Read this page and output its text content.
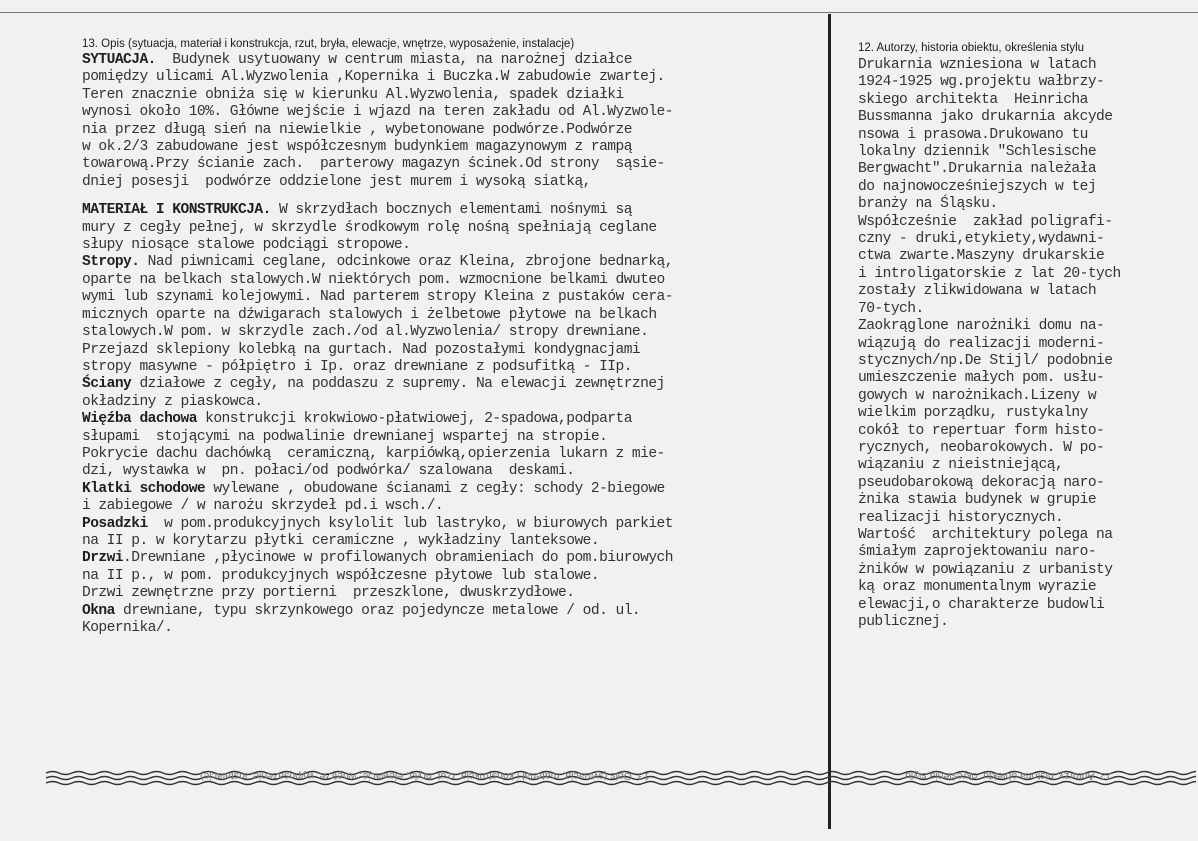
13. Opis (sytuacja, materiał i konstrukcja, rzut, bryła, elewacje, wnętrze, wyposażenie, instalacje)	12. Autorzy, historia obiektu, określenia stylu
SYTUACJA.  Budynek usytuowany w centrum miasta, na narożnej działce
pomiędzy ulicami Al.Wyzwolenia ,Kopernika i Buczka.W zabudowie zwartej.
Teren znacznie obniża się w kierunku Al.Wyzwolenia, spadek działki
wynosi około 10%. Główne wejście i wjazd na teren zakładu od Al.Wyzwole-
nia przez długą sień na niewielkie , wybetonowane podwórze.Podwórze
w ok.2/3 zabudowane jest współczesnym budynkiem magazynowym z rampą
towarową.Przy ścianie zach.  parterowy magazyn ścinek.Od strony  sąsie-
dniej posesji  podwórze oddzielone jest murem i wysoką siatką,
MATERIAŁ I KONSTRUKCJA. W skrzydłach bocznych elementami nośnymi są
mury z cegły pełnej, w skrzydle środkowym rolę nośną spełniają ceglane
słupy niosące stalowe podciągi stropowe.
Stropy. Nad piwnicami ceglane, odcinkowe oraz Kleina, zbrojone bednarką,
oparte na belkach stalowych.W niektórych pom. wzmocnione belkami dwuteo
wymi lub szynami kolejowymi. Nad parterem stropy Kleina z pustaków cera-
micznych oparte na dźwigarach stalowych i żelbetowe płytowe na belkach
stalowych.W pom. w skrzydle zach./od al.Wyzwolenia/ stropy drewniane.
Przejazd sklepiony kolebką na gurtach. Nad pozostałymi kondygnacjami
stropy masywne - półpiętro i Ip. oraz drewniane z podsufitką - IIp.
Ściany działowe z cegły, na poddaszu z supremy. Na elewacji zewnętrznej
okładziny z piaskowca.
Więźba dachowa konstrukcji krokwiowo-płatwiowej, 2-spadowa,podparta
słupami  stojącymi na podwalinie drewnianej wspartej na stropie.
Pokrycie dachu dachówką  ceramiczną, karpiówką,opierzenia lukarn z mie-
dzi, wystawka w  pn. połaci/od podwórka/ szalowana  deskami.
Klatki schodowe wylewane , obudowane ścianami z cegły: schody 2-biegowe
i zabiegowe / w narożu skrzydeł pd.i wsch./.
Posadzki  w pom.produkcyjnych ksylolit lub lastryko, w biurowych parkiet
na II p. w korytarzu płytki ceramiczne , wykładziny lanteksowe.
Drzwi.Drewniane ,płycinowe w profilowanych obramieniach do pom.biurowych
na II p., w pom. produkcyjnych współczesne płytowe lub stalowe.
Drzwi zewnętrzne przy portierni  przeszklone, dwuskrzydłowe.
Okna drewniane, typu skrzynkowego oraz pojedyncze metalowe / od. ul.
Kopernika/.
Drukarnia wzniesiona w latach
1924-1925 wg.projektu wałbrzy-
skiego architekta  Heinricha
Bussmanna jako drukarnia akcyde
nsowa i prasowa.Drukowano tu
lokalny dziennik "Schlesische
Bergwacht".Drukarnia należała
do najnowocześniejszych w tej
branży na Śląsku.
Współcześnie  zakład poligrafi-
czny - druki,etykiety,wydawni-
ctwa zwarte.Maszyny drukarskie
i introligatorskie z lat 20-tych
zostały zlikwidowana w latach
70-tych.
Zaokrąglone narożniki domu na-
wiązują do realizacji moderni-
stycznych/np.De Stijl/ podobnie
umieszczenie małych pom. usłu-
gowych w narożnikach.Lizeny w
wielkim porządku, rustykalny
cokół to repertuar form histo-
rycznych, neobarokowych. W po-
wiązaniu z nieistniejącą,
pseudobarokową dekoracją naro-
żnika stawia budynek w grupie
realizacji historycznych.
Wartość  architektury polega na
śmiałym zaprojektowaniu naro-
żników w powiązaniu z urbanisty
ką oraz monumentalnym wyrazie
elewacji,o charakterze budowli
publicznej.
13. Opis (sytuacja, materiał i konstrukcja, rzut, bryła, elewacje, wnętrze, wyposażenie, instalacje)	12. Autorzy, historia obiektu, określenia stylu
